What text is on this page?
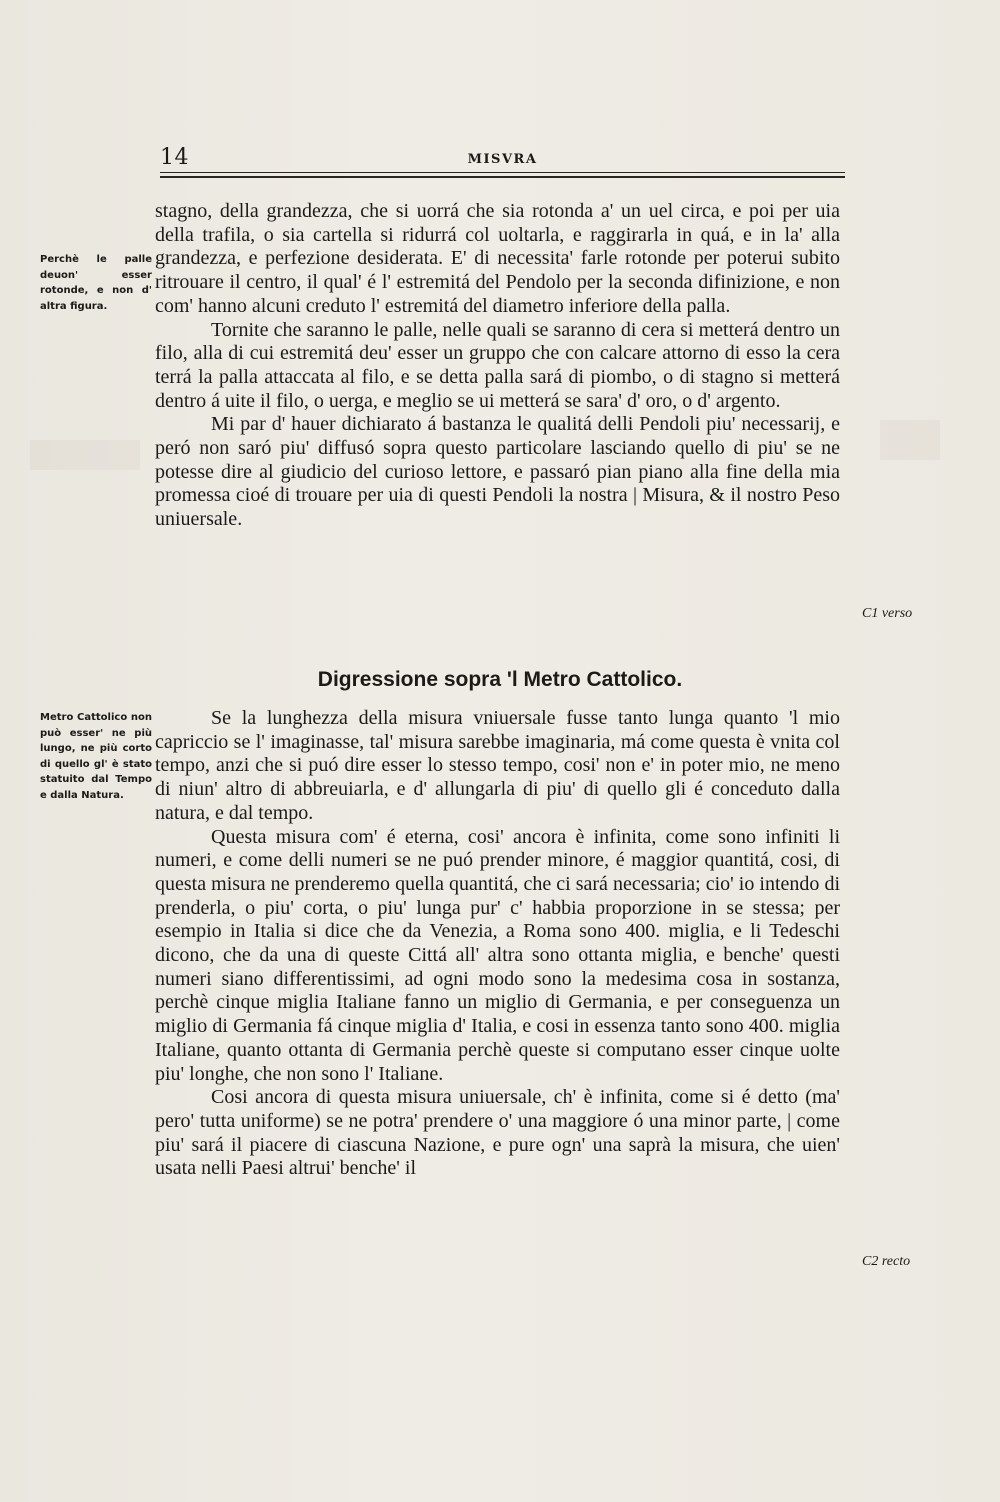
14	MISVRA
Perchè le palle deuon' esser rotonde, e non d' altra figura.

stagno, della grandezza, che si uorrá che sia rotonda a' un uel circa, e poi per uia della trafila, o sia cartella si ridurrá col uoltarla, e raggirarla in quá, e in la' alla grandezza, e perfezione desiderata. E' di necessita' farle rotonde per poterui subito ritrouare il centro, il qual' é l' estremitá del Pendolo per la seconda difinizione, e non com' hanno alcuni creduto l' estremitá del diametro inferiore della palla.

Tornite che saranno le palle, nelle quali se saranno di cera si metterá dentro un filo, alla di cui estremitá deu' esser un gruppo che con calcare attorno di esso la cera terrá la palla attaccata al filo, e se detta palla sará di piombo, o di stagno si metterá dentro á uite il filo, o uerga, e meglio se ui metterá se sara' d' oro, o d' argento.

Mi par d' hauer dichiarato á bastanza le qualitá delli Pendoli piu' necessarij, e peró non saró piu' diffusó sopra questo particolare lasciando quello di piu' se ne potesse dire al giudicio del curioso lettore, e passaró pian piano alla fine della mia promessa cioé di trouare per uia di questi Pendoli la nostra | Misura, & il nostro Peso uniuersale.

C1 verso
Digressione sopra 'l Metro Cattolico.
Metro Cattolico non può esser' ne più lungo, ne più corto di quello gl' è stato statuito dal Tempo e dalla Natura.

Se la lunghezza della misura vniuersale fusse tanto lunga quanto 'l mio capriccio se l' imaginasse, tal' misura sarebbe imaginaria, má come questa è vnita col tempo, anzi che si puó dire esser lo stesso tempo, cosi' non e' in poter mio, ne meno di niun' altro di abbreuiarla, e d' allungarla di piu' di quello gli é conceduto dalla natura, e dal tempo.

Questa misura com' é eterna, cosi' ancora è infinita, come sono infiniti li numeri, e come delli numeri se ne puó prender minore, é maggior quantitá, cosi, di questa misura ne prenderemo quella quantitá, che ci sará necessaria; cio' io intendo di prenderla, o piu' corta, o piu' lunga pur' c' habbia proporzione in se stessa; per esempio in Italia si dice che da Venezia, a Roma sono 400. miglia, e li Tedeschi dicono, che da una di queste Cittá all' altra sono ottanta miglia, e benche' questi numeri siano differentissimi, ad ogni modo sono la medesima cosa in sostanza, perchè cinque miglia Italiane fanno un miglio di Germania, e per conseguenza un miglio di Germania fá cinque miglia d' Italia, e cosi in essenza tanto sono 400. miglia Italiane, quanto ottanta di Germania perchè queste si computano esser cinque uolte piu' longhe, che non sono l' Italiane.

Cosi ancora di questa misura uniuersale, ch' è infinita, come si é detto (ma' pero' tutta uniforme) se ne potra' prendere o' una maggiore ó una minor parte, | come piu' sará il piacere di ciascuna Nazione, e pure ogn' una saprà la misura, che uien' usata nelli Paesi altrui' benche' il

C2 recto
